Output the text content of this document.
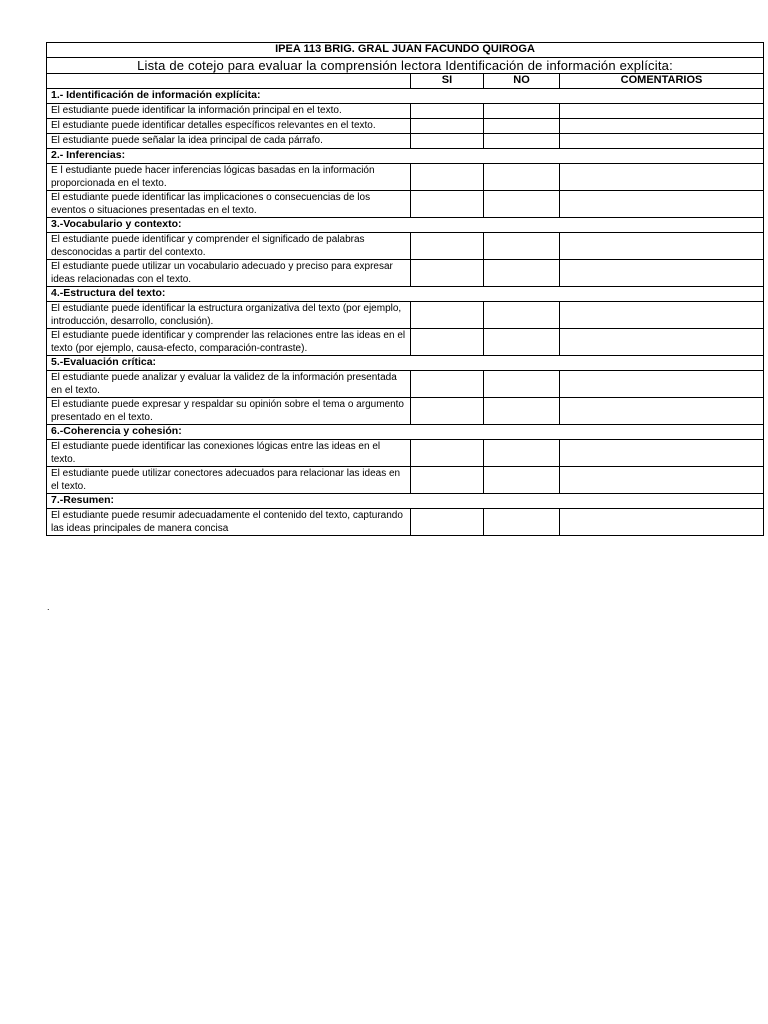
IPEA 113 BRIG. GRAL JUAN FACUNDO QUIROGA			
Lista de cotejo para evaluar la comprensión lectora Identificación de información explícita:			
	SI	NO	COMENTARIOS
1.- Identificación de información explícita:			
El estudiante puede identificar la información principal en el texto.			
El estudiante puede identificar detalles específicos relevantes en el texto.			
El estudiante puede señalar la idea principal de cada párrafo.			
2.- Inferencias:			
E l estudiante puede hacer inferencias lógicas basadas en la información proporcionada en el texto.			
El estudiante puede identificar las implicaciones o consecuencias de los eventos o situaciones presentadas en el texto.			
3.-Vocabulario y contexto:			
El estudiante puede identificar y comprender el significado de palabras desconocidas a partir del contexto.			
El estudiante puede utilizar un vocabulario adecuado y preciso para expresar ideas relacionadas con el texto.			
4.-Estructura del texto:			
El estudiante puede identificar la estructura organizativa del texto (por ejemplo, introducción, desarrollo, conclusión).			
El estudiante puede identificar y comprender las relaciones entre las ideas en el texto (por ejemplo, causa-efecto, comparación-contraste).			
5.-Evaluación crítica:			
El estudiante puede analizar y evaluar la validez de la información presentada en el texto.			
El estudiante puede expresar y respaldar su opinión sobre el tema o argumento presentado en el texto.			
6.-Coherencia y cohesión:			
El estudiante puede identificar las conexiones lógicas entre las ideas en el texto.			
El estudiante puede utilizar conectores adecuados para relacionar las ideas en el texto.			
7.-Resumen:			
El estudiante puede resumir adecuadamente el contenido del texto, capturando las ideas principales de manera concisa			
.
